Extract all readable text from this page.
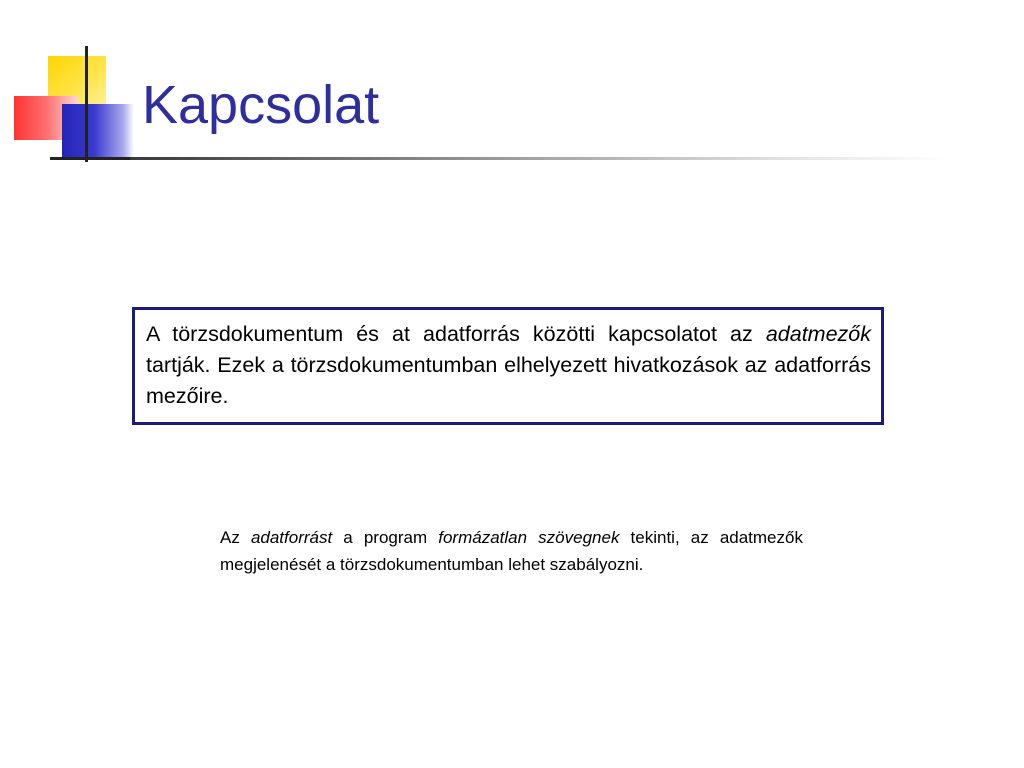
Kapcsolat
A törzsdokumentum és at adatforrás közötti kapcsolatot az adatmezők tartják. Ezek a törzsdokumentumban elhelyezett hivatkozások az adatforrás mezőire.
Az adatforrást a program formázatlan szövegnek tekinti, az adatmezők megjelenését a törzsdokumentumban lehet szabályozni.
